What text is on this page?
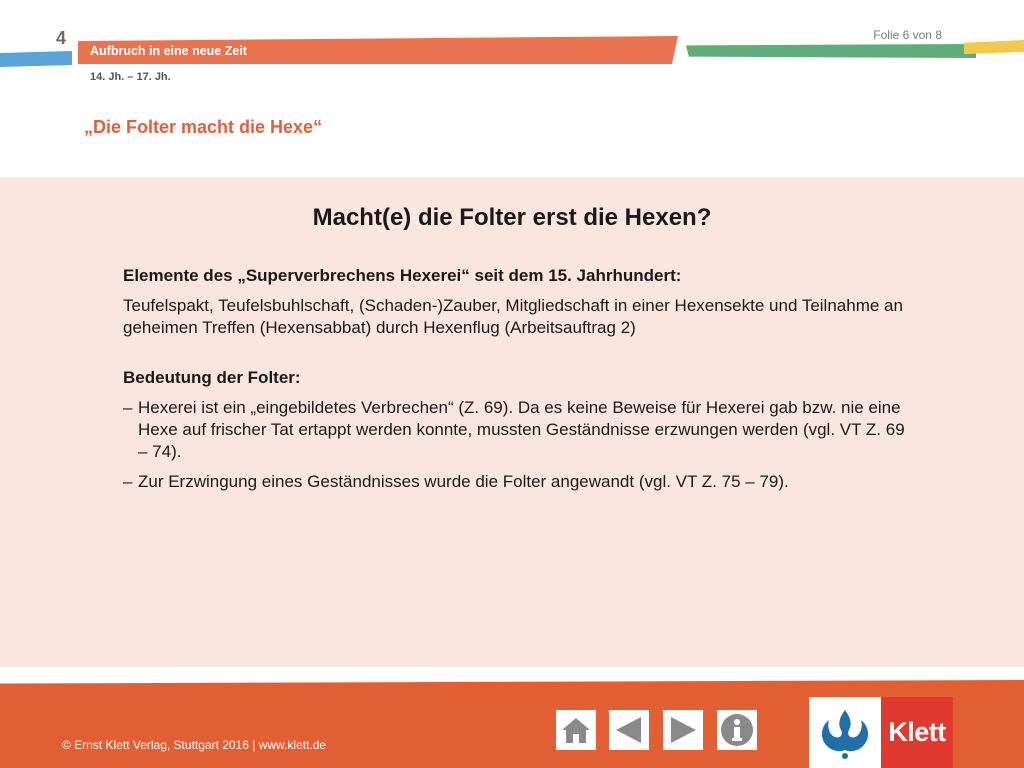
4
Aufbruch in eine neue Zeit
Folie 6 von 8
14. Jh. – 17. Jh.
„Die Folter macht die Hexe“
Macht(e) die Folter erst die Hexen?
Elemente des „Superverbrechens Hexerei“ seit dem 15. Jahrhundert:
Teufelspakt, Teufelsbuhlschaft, (Schaden-)Zauber, Mitgliedschaft in einer Hexensekte und Teilnahme an geheimen Treffen (Hexensabbat) durch Hexenflug (Arbeitsauftrag 2)
Bedeutung der Folter:
– Hexerei ist ein „eingebildetes Verbrechen“ (Z. 69). Da es keine Beweise für Hexerei gab bzw. nie eine Hexe auf frischer Tat ertappt werden konnte, mussten Geständnisse erzwungen werden (vgl. VT Z. 69 – 74).
– Zur Erzwingung eines Geständnisses wurde die Folter angewandt (vgl. VT Z. 75 – 79).
© Ernst Klett Verlag, Stuttgart 2016 | www.klett.de	Klett
